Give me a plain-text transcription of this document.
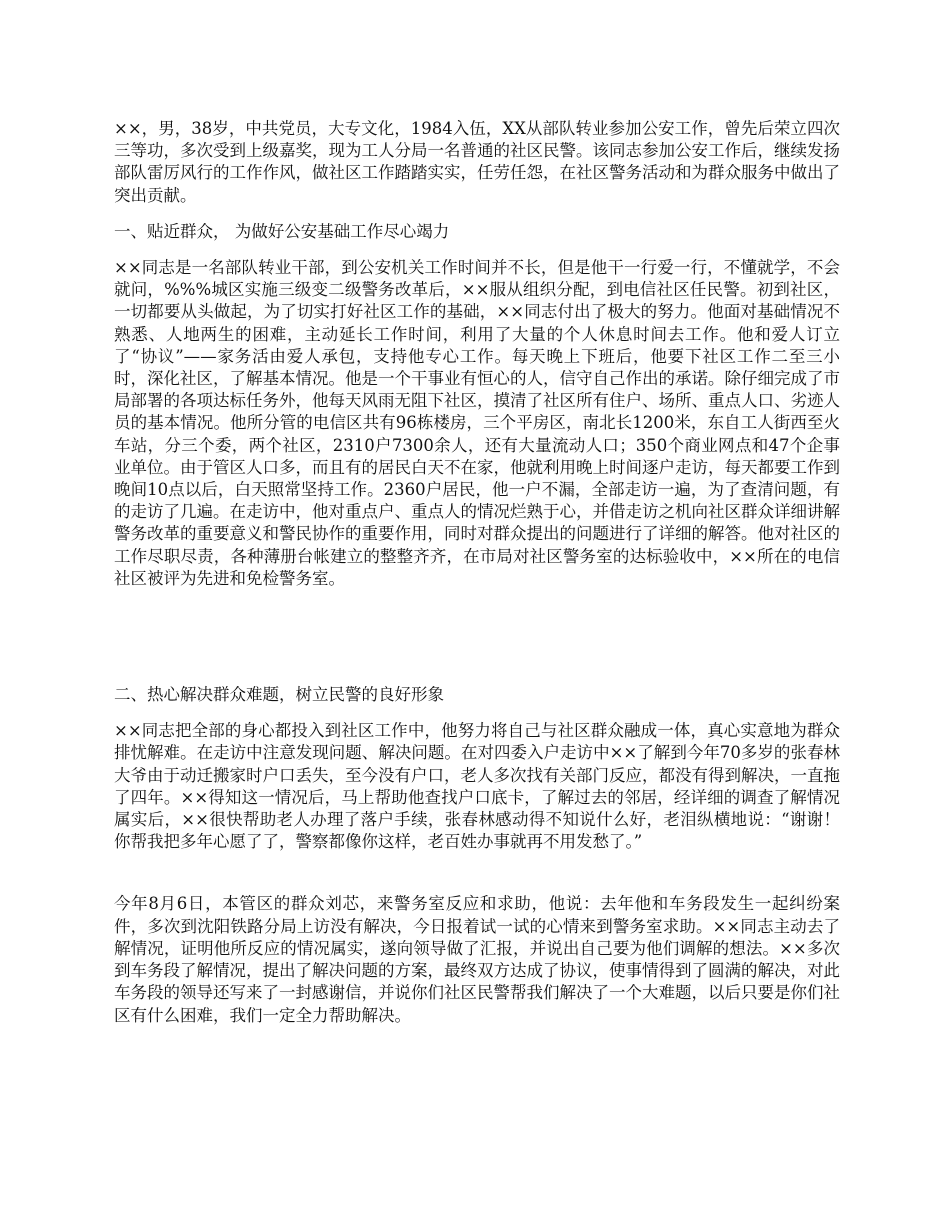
××，男，38岁，中共党员，大专文化，1984入伍，XX从部队转业参加公安工作，曾先后荣立四次三等功，多次受到上级嘉奖，现为工人分局一名普通的社区民警。该同志参加公安工作后，继续发扬部队雷厉风行的工作作风，做社区工作踏踏实实，任劳任怨，在社区警务活动和为群众服务中做出了突出贡献。

一、贴近群众， 为做好公安基础工作尽心竭力

××同志是一名部队转业干部，到公安机关工作时间并不长，但是他干一行爱一行，不懂就学，不会就问，%%%城区实施三级变二级警务改革后，××服从组织分配，到电信社区任民警。初到社区，一切都要从头做起，为了切实打好社区工作的基础，××同志付出了极大的努力。他面对基础情况不熟悉、人地两生的困难，主动延长工作时间，利用了大量的个人休息时间去工作。他和爱人订立了“协议”——家务活由爱人承包，支持他专心工作。每天晚上下班后，他要下社区工作二至三小时，深化社区，了解基本情况。他是一个干事业有恒心的人，信守自己作出的承诺。除仔细完成了市局部署的各项达标任务外，他每天风雨无阻下社区，摸清了社区所有住户、场所、重点人口、劣迹人员的基本情况。他所分管的电信区共有96栋楼房，三个平房区，南北长1200米，东自工人街西至火车站，分三个委，两个社区，2310户7300余人，还有大量流动人口；350个商业网点和47个企事业单位。由于管区人口多，而且有的居民白天不在家，他就利用晚上时间逐户走访，每天都要工作到晚间10点以后，白天照常坚持工作。2360户居民，他一户不漏，全部走访一遍，为了查清问题，有的走访了几遍。在走访中，他对重点户、重点人的情况烂熟于心，并借走访之机向社区群众详细讲解警务改革的重要意义和警民协作的重要作用，同时对群众提出的问题进行了详细的解答。他对社区的工作尽职尽责，各种薄册台帐建立的整整齐齐，在市局对社区警务室的达标验收中，××所在的电信社区被评为先进和免检警务室。

二、热心解决群众难题，树立民警的良好形象

××同志把全部的身心都投入到社区工作中，他努力将自己与社区群众融成一体，真心实意地为群众排忧解难。在走访中注意发现问题、解决问题。在对四委入户走访中××了解到今年70多岁的张春林大爷由于动迁搬家时户口丢失，至今没有户口，老人多次找有关部门反应，都没有得到解决，一直拖了四年。××得知这一情况后，马上帮助他查找户口底卡，了解过去的邻居，经详细的调查了解情况属实后，××很快帮助老人办理了落户手续，张春林感动得不知说什么好，老泪纵横地说：“谢谢！你帮我把多年心愿了了，警察都像你这样，老百姓办事就再不用发愁了。”

今年8月6日，本管区的群众刘芯，来警务室反应和求助，他说：去年他和车务段发生一起纠纷案件，多次到沈阳铁路分局上访没有解决，今日报着试一试的心情来到警务室求助。××同志主动去了解情况，证明他所反应的情况属实，遂向领导做了汇报，并说出自己要为他们调解的想法。××多次到车务段了解情况，提出了解决问题的方案，最终双方达成了协议，使事情得到了圆满的解决，对此车务段的领导还写来了一封感谢信，并说你们社区民警帮我们解决了一个大难题，以后只要是你们社区有什么困难，我们一定全力帮助解决。
